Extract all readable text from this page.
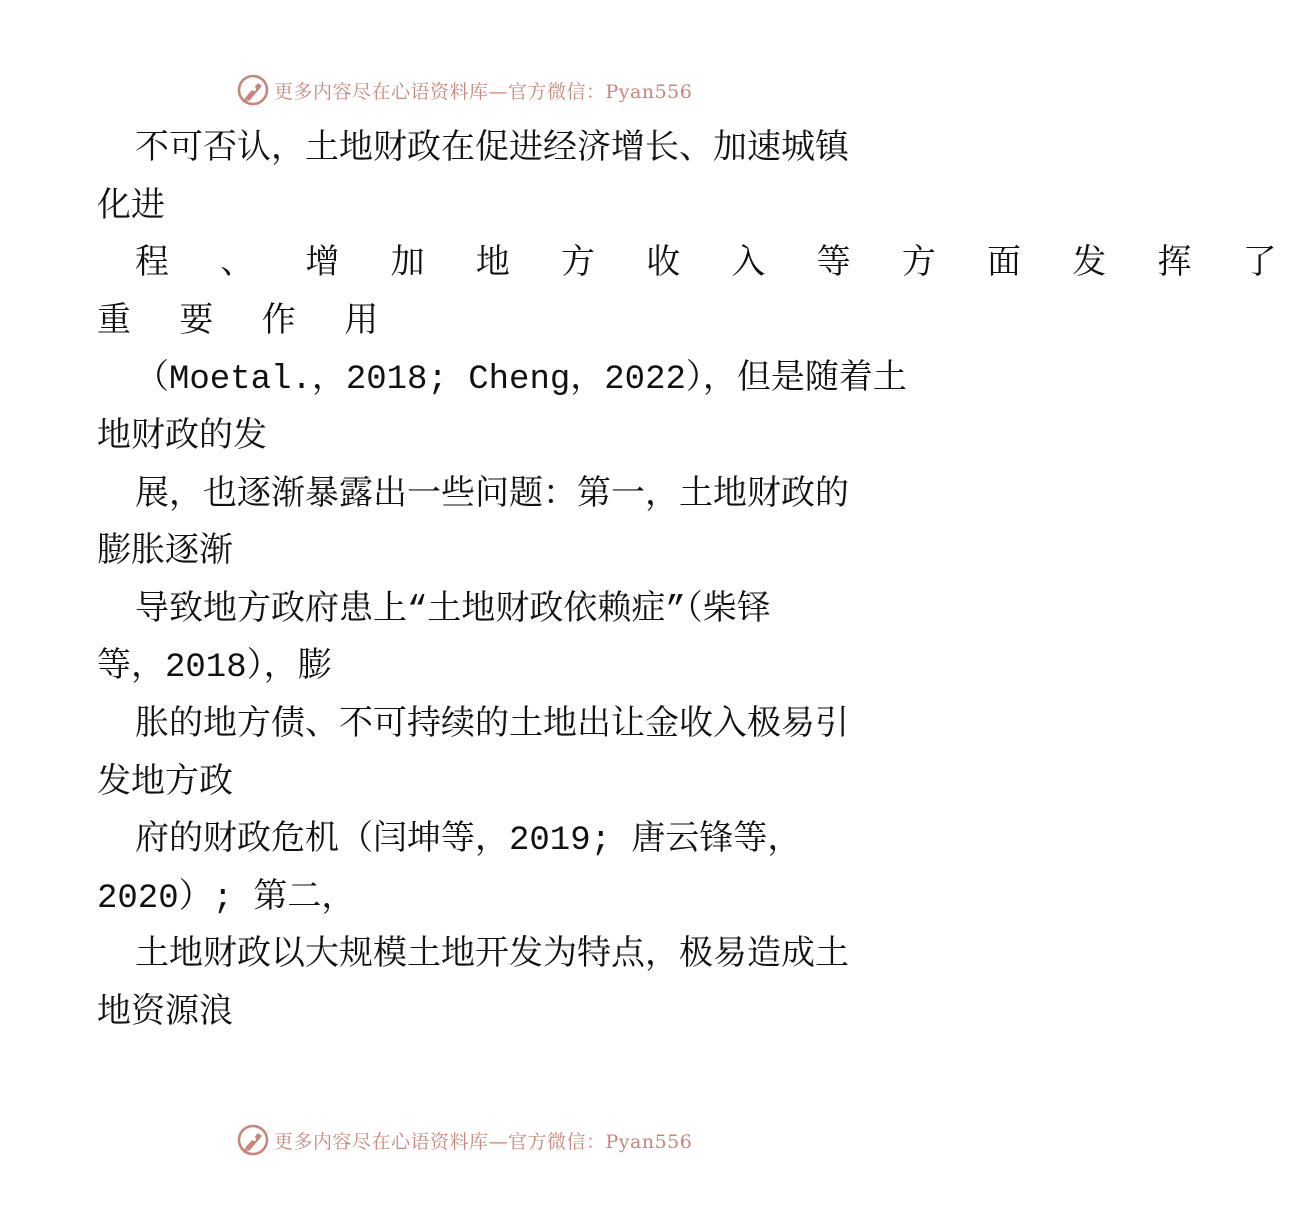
更多内容尽在心语资料库—官方微信：Pyan556
不可否认，土地财政在促进经济增长、加速城镇
化进
程 、 增 加 地 方 收 入 等 方 面 发 挥 了
重 要 作 用
（Moetal.，2018; Cheng，2022），但是随着土
地财政的发
展，也逐渐暴露出一些问题：第一，土地财政的
膨胀逐渐
导致地方政府患上“土地财政依赖症”（柴铎
等，2018），膨
胀的地方债、不可持续的土地出让金收入极易引
发地方政
府的财政危机（闫坤等，2019; 唐云锋等，
2020）; 第二，
土地财政以大规模土地开发为特点，极易造成土
地资源浪
更多内容尽在心语资料库—官方微信：Pyan556
